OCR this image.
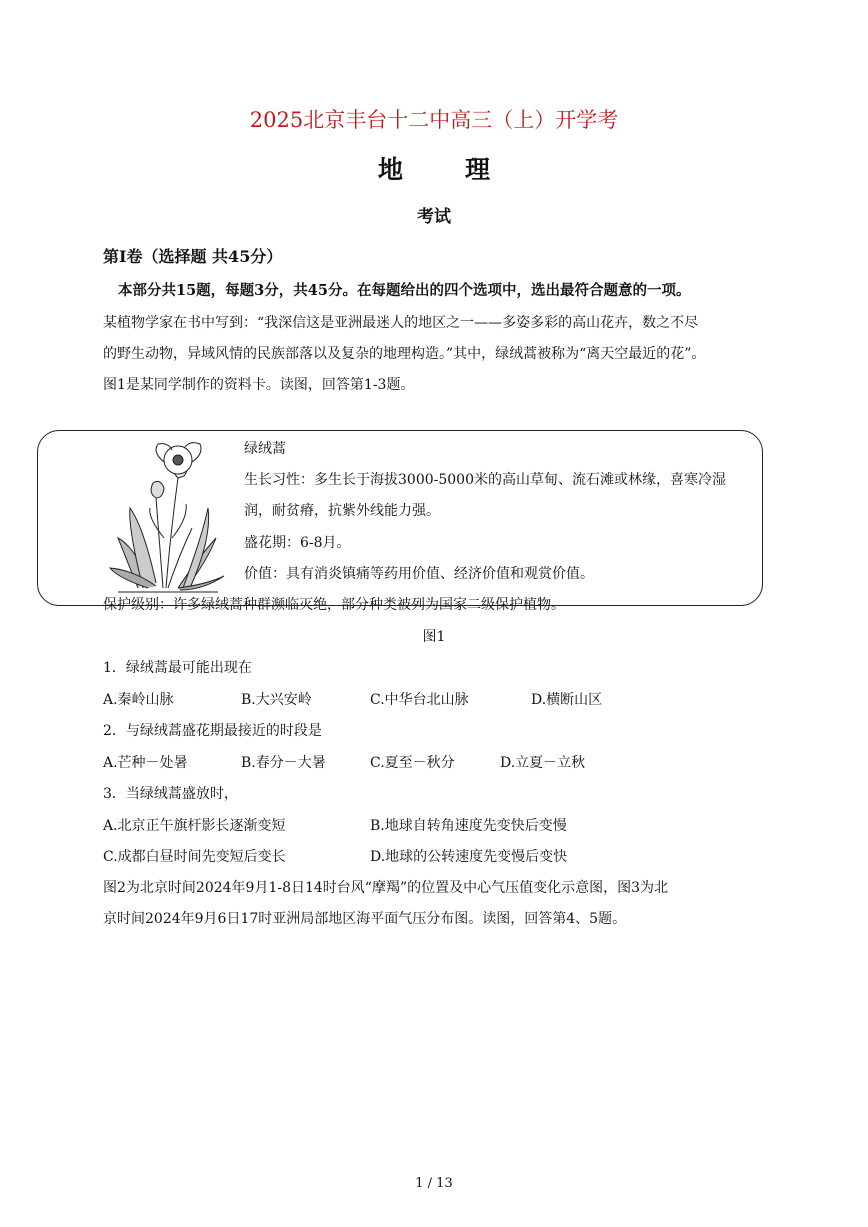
2025北京丰台十二中高三（上）开学考
地理
考试
第Ⅰ卷（选择题 共45分）
本部分共15题，每题3分，共45分。在每题给出的四个选项中，选出最符合题意的一项。
某植物学家在书中写到：“我深信这是亚洲最迷人的地区之一——多姿多彩的高山花卉，数之不尽
的野生动物，异域风情的民族部落以及复杂的地理构造。”其中，绿绒蒿被称为“离天空最近的花”。
图1是某同学制作的资料卡。读图，回答第1-3题。
绿绒蒿
生长习性：多生长于海拔3000-5000米的高山草甸、流石滩或林缘，喜寒冷湿
润，耐贫瘠，抗紫外线能力强。
盛花期：6-8月。
价值：具有消炎镇痛等药用价值、经济价值和观赏价值。
保护级别：许多绿绒蒿种群濒临灭绝，部分种类被列为国家二级保护植物。
图1
1．绿绒蒿最可能出现在
A.秦岭山脉	B.大兴安岭	C.中华台北山脉	D.横断山区
2．与绿绒蒿盛花期最接近的时段是
A.芒种－处暑	B.春分－大暑	C.夏至－秋分	D.立夏－立秋
3．当绿绒蒿盛放时，
A.北京正午旗杆影长逐渐变短	B.地球自转角速度先变快后变慢
C.成都白昼时间先变短后变长	D.地球的公转速度先变慢后变快
图2为北京时间2024年9月1-8日14时台风“摩羯”的位置及中心气压值变化示意图，图3为北
京时间2024年9月6日17时亚洲局部地区海平面气压分布图。读图，回答第4、5题。
1 / 13
